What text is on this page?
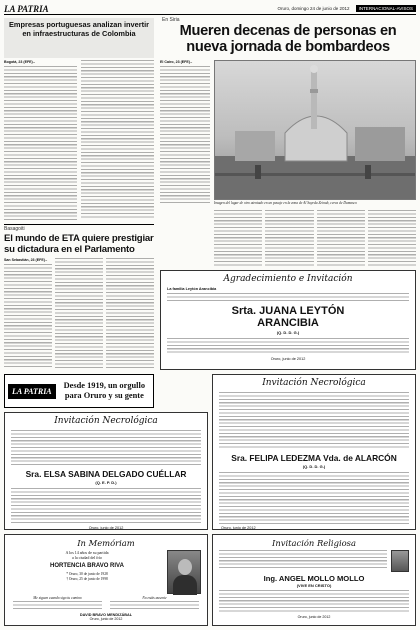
LA PATRIA	Oruro, domingo 24 de junio de 2012	INTERNACIONAL-AVISOS
Empresas portuguesas analizan invertir en infraestructuras de Colombia
Bogotá, 23 (EFE).-
Basagoiti
El mundo de ETA quiere prestigiar su dictadura en el Parlamento
San Sebastián, 23 (EFE).-
En Siria
Mueren decenas de personas en nueva jornada de bombardeos
El Cairo, 23 (EFE).-
Imagen del lugar de otro atentado en un pasaje en la zona de Al Sayeda Zeinab, cerca de Damasco
Agradecimiento e Invitación
La familia Leytón Arancibia
Srta. JUANA LEYTÓN ARANCIBIA
(Q. D. D. G.)
Oruro, junio de 2012
LA PATRIA
Desde 1919, un orgullo
para Oruro y su gente
Invitación Necrológica
Sra. ELSA SABINA DELGADO CUÉLLAR
(Q. E. P. D.)
Oruro, junio de 2012
Invitación Necrológica
Sra. FELIPA LEDEZMA Vda. de ALARCÓN
(Q. D. D. G.)
Oruro, junio de 2012
In Memóriam
A los 14 años de su partida
a la ciudad del frío
HORTENCIA BRAVO RIVA
* Oruro, 30 de junio de 1928
† Oruro, 25 de junio de 1998
Me siguen cuando sigo tu camino	No estás ausente
DAVID BRAVO MENDIZÁBAL
Oruro, junio de 2012
Invitación Religiosa
Ing. ANGEL MOLLO MOLLO
(VIVE EN CRISTO)
Oruro, junio de 2012
